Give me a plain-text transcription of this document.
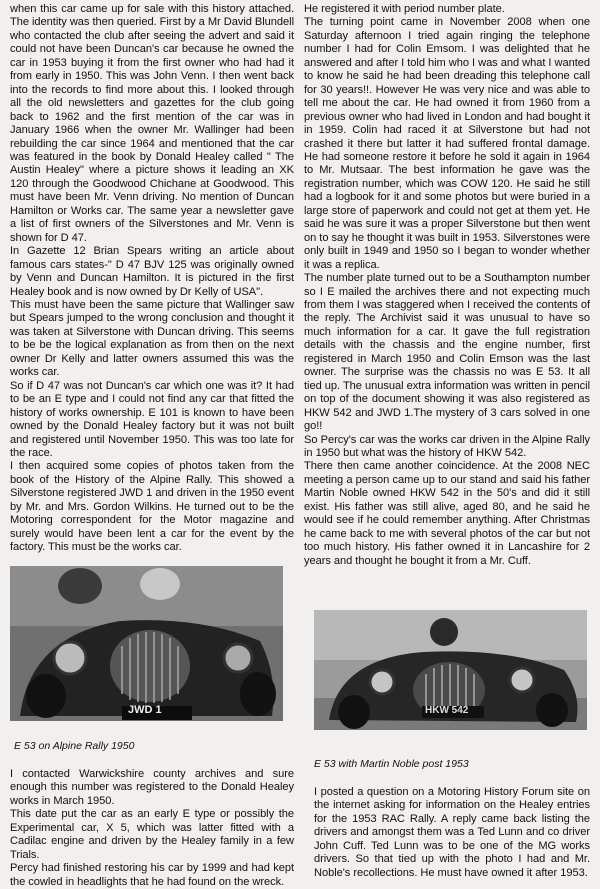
when this car came up for sale with this history attached. The identity was then queried. First by a Mr David Blundell who contacted the club after seeing the advert and said it could not have been Duncan's car because he owned the car in 1953 buying it from the first owner who had had it from early in 1950. This was John Venn. I then went back into the records to find more about this. I looked through all the old newsletters and gazettes for the club going back to 1962 and the first mention of the car was in January 1966 when the owner Mr. Wallinger had been rebuilding the car since 1964 and mentioned that the car was featured in the book by Donald Healey called " The Austin Healey" where a picture shows it leading an XK 120 through the Goodwood Chichane at Goodwood. This must have been Mr. Venn driving. No mention of Duncan Hamilton or Works car. The same year a newsletter gave a list of first owners of the Silverstones and Mr. Venn is shown for D 47.

In Gazette 12 Brian Spears writing an article about famous cars states-" D 47 BJV 125 was originally owned by Venn and Duncan Hamilton. It is pictured in the first Healey book and is now owned by Dr Kelly of USA".

This must have been the same picture that Wallinger saw but Spears jumped to the wrong conclusion and thought it was taken at Silverstone with Duncan driving. This seems to be be the logical explanation as from then on the next owner Dr Kelly and latter owners assumed this was the works car.

So if D 47 was not Duncan's car which one was it? It had to be an E type and I could not find any car that fitted the history of works ownership. E 101 is known to have been owned by the Donald Healey factory but it was not built and registered until November 1950. This was too late for the race.

I then acquired some copies of photos taken from the book of the History of the Alpine Rally. This showed a Silverstone registered JWD 1 and driven in the 1950 event by Mr. and Mrs. Gordon Wilkins. He turned out to be the Motoring correspondent for the Motor magazine and surely would have been lent a car for the event by the factory. This must be the works car.

JWD 1
E 53 on Alpine Rally 1950

I contacted Warwickshire county archives and sure enough this number was registered to the Donald Healey works in March 1950.

This date put the car as an early E type or possibly the Experimental car, X 5, which was latter fitted with a Cadilac engine and driven by the Healey family in a few Trials.

Percy had finished restoring his car by 1999 and had kept the cowled in headlights that he had found on the wreck.

He registered it with period number plate.

The turning point came in November 2008 when one Saturday afternoon I tried again ringing the telephone number I had for Colin Emsom. I was delighted that he answered and after I told him who I was and what I wanted to know he said he had been dreading this telephone call for 30 years!!. However He was very nice and was able to tell me about the car. He had owned it from 1960 from a previous owner who had lived in London and had bought it in 1959. Colin had raced it at Silverstone but had not crashed it there but latter it had suffered frontal damage. He had someone restore it before he sold it again in 1964 to Mr. Mutsaar. The best information he gave was the registration number, which was COW 120. He said he still had a logbook for it and some photos but were buried in a large store of paperwork and could not get at them yet. He said he was sure it was a proper Silverstone but then went on to say he thought it was built in 1953. Silverstones were only built in 1949 and 1950 so I began to wonder whether it was a replica.

The number plate turned out to be a Southampton number so I E mailed the archives there and not expecting much from them I was staggered when I received the contents of the reply. The Archivist said it was unusual to have so much information for a car. It gave the full registration details with the chassis and the engine number, first registered in March 1950 and Colin Emson was the last owner. The surprise was the chassis no was E 53. It all tied up. The unusual extra information was written in pencil on top of the document showing it was also registered as HKW 542 and JWD 1.The mystery of 3 cars solved in one go!!

So Percy's car was the works car driven in the Alpine Rally in 1950 but what was the history of HKW 542.

There then came another coincidence. At the 2008 NEC meeting a person came up to our stand and said his father Martin Noble owned HKW 542 in the 50's and did it still exist. His father was still alive, aged 80, and he said he would see if he could remember anything. After Christmas he came back to me with several photos of the car but not too much history. His father owned it in Lancashire for 2 years and thought he bought it from a Mr. Cuff.

HKW 542
E 53 with Martin Noble post 1953

I posted a question on a Motoring History Forum site on the internet asking for information on the Healey entries for the 1953 RAC Rally. A reply came back listing the drivers and amongst them was a Ted Lunn and co driver John Cuff. Ted Lunn was to be one of the MG works drivers. So that tied up with the photo I had and Mr. Noble's recollections. He must have owned it after 1953.
